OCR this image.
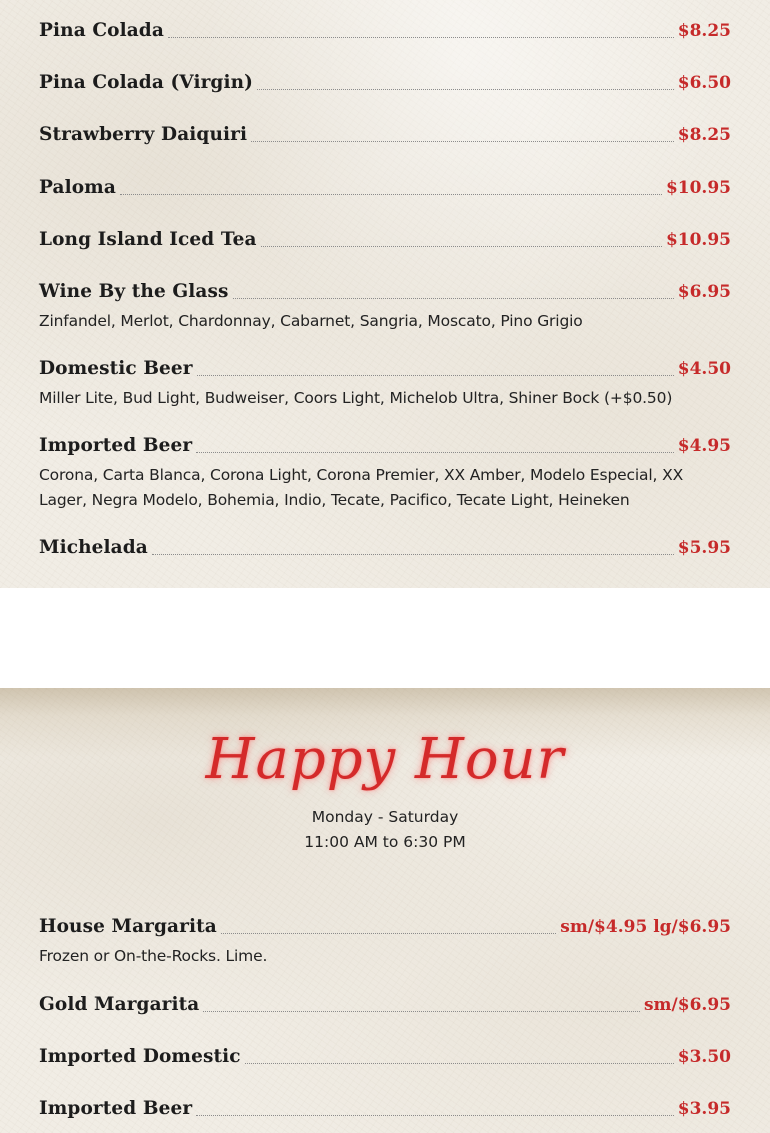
Pina Colada	$8.25
Pina Colada (Virgin)	$6.50
Strawberry Daiquiri	$8.25
Paloma	$10.95
Long Island Iced Tea	$10.95
Wine By the Glass	$6.95
Zinfandel, Merlot, Chardonnay, Cabarnet, Sangria, Moscato, Pino Grigio
Domestic Beer	$4.50
Miller Lite, Bud Light, Budweiser, Coors Light, Michelob Ultra, Shiner Bock (+$0.50)
Imported Beer	$4.95
Corona, Carta Blanca, Corona Light, Corona Premier, XX Amber, Modelo Especial, XX
Lager, Negra Modelo, Bohemia, Indio, Tecate, Pacifico, Tecate Light, Heineken
Michelada	$5.95
Happy Hour
Monday - Saturday
11:00 AM to 6:30 PM
House Margarita	sm/$4.95 lg/$6.95
Frozen or On-the-Rocks. Lime.
Gold Margarita	sm/$6.95
Imported Domestic	$3.50
Imported Beer	$3.95
